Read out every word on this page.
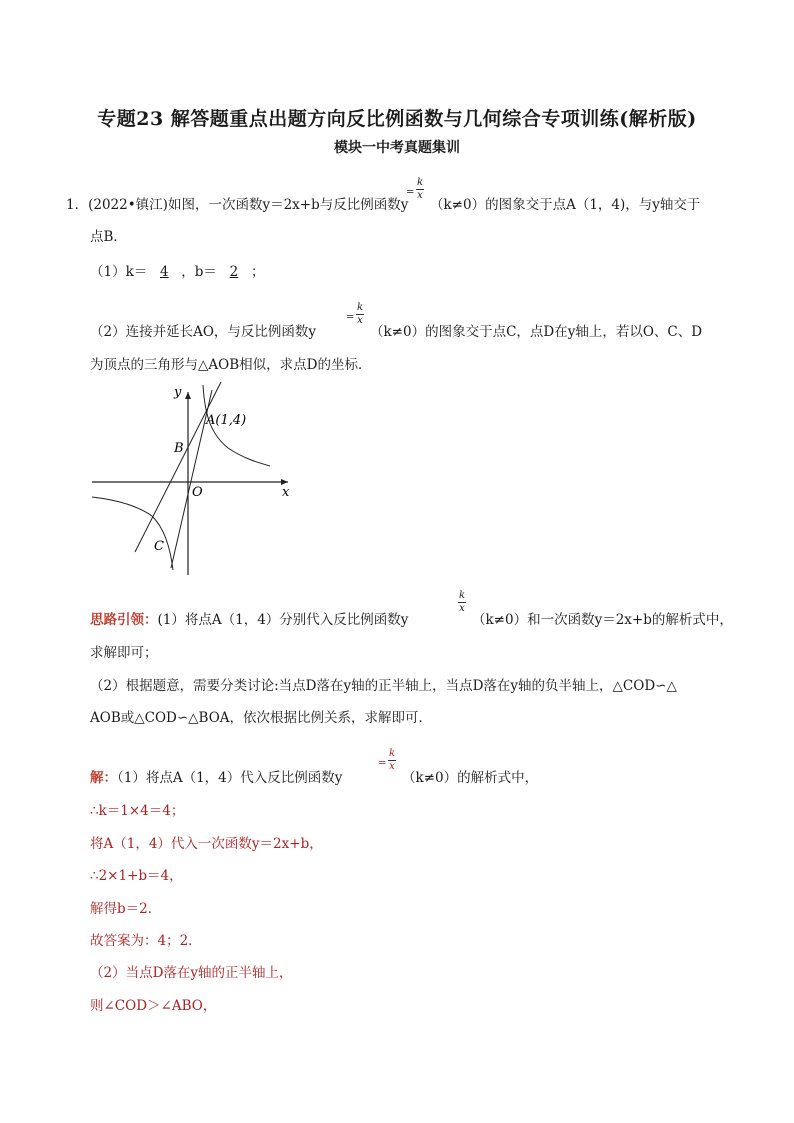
专题23 解答题重点出题方向反比例函数与几何综合专项训练(解析版)
模块一中考真题集训
1．(2022•镇江)如图，一次函数y＝2x+b与反比例函数y
k
x
=
（k≠0）的图象交于点A（1，4)，与y轴交于
点B．
（1）k＝ 4 ，b＝ 2 ；
（2）连接并延长AO，与反比例函数y
k
x
=
（k≠0）的图象交于点C，点D在y轴上，若以O、C、D
为顶点的三角形与△AOB相似，求点D的坐标．
y
x
A(1,4)
B
O
C
思路引领：(1）将点A（1，4）分别代入反比例函数y
k
x
（k≠0）和一次函数y＝2x+b的解析式中，
求解即可；
（2）根据题意，需要分类讨论:当点D落在y轴的正半轴上，当点D落在y轴的负半轴上，△COD∽△
AOB或△COD∽△BOA，依次根据比例关系，求解即可．
解：（1）将点A（1，4）代入反比例函数y
k
x
=
（k≠0）的解析式中，
∴k＝1×4＝4；
将A（1，4）代入一次函数y＝2x+b，
∴2×1+b＝4，
解得b＝2．
故答案为：4；2．
（2）当点D落在y轴的正半轴上，
则∠COD＞∠ABO，
